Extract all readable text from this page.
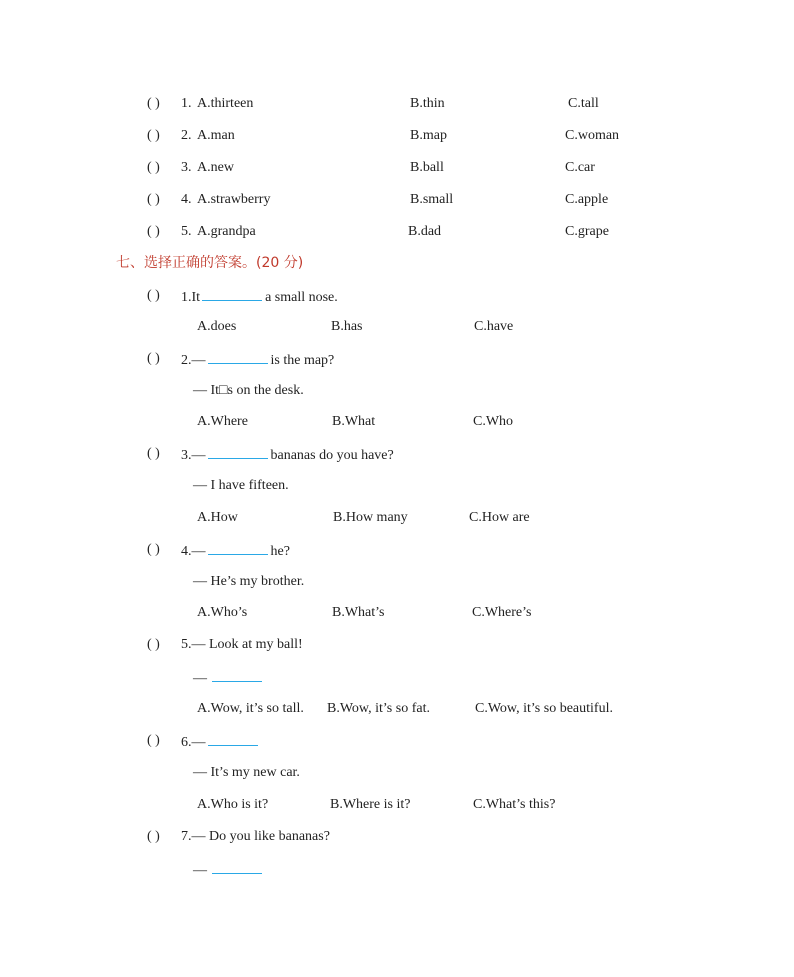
( ) 1. A.thirteen	B.thin	C.tall
( ) 2. A.man	B.map	C.woman
( ) 3. A.new	B.ball	C.car
( ) 4. A.strawberry	B.small	C.apple
( ) 5. A.grandpa	B.dad	C.grape
七、选择正确的答案。(20 分)
( ) 1.It	a small nose.
A.does	B.has	C.have
( ) 2.—	is the map?
— It□s on the desk.
A.Where	B.What	C.Who
( ) 3.—	bananas do you have?
— I have fifteen.
A.How	B.How many	C.How are
( ) 4.—	he?
— He’s my brother.
A.Who’s	B.What’s	C.Where’s
( ) 5.— Look at my ball!
—
A.Wow, it’s so tall. B.Wow, it’s so fat.	C.Wow, it’s so beautiful.
( ) 6.—
— It’s my new car.
A.Who is it?	B.Where is it?	C.What’s this?
( ) 7.— Do you like bananas?
—
